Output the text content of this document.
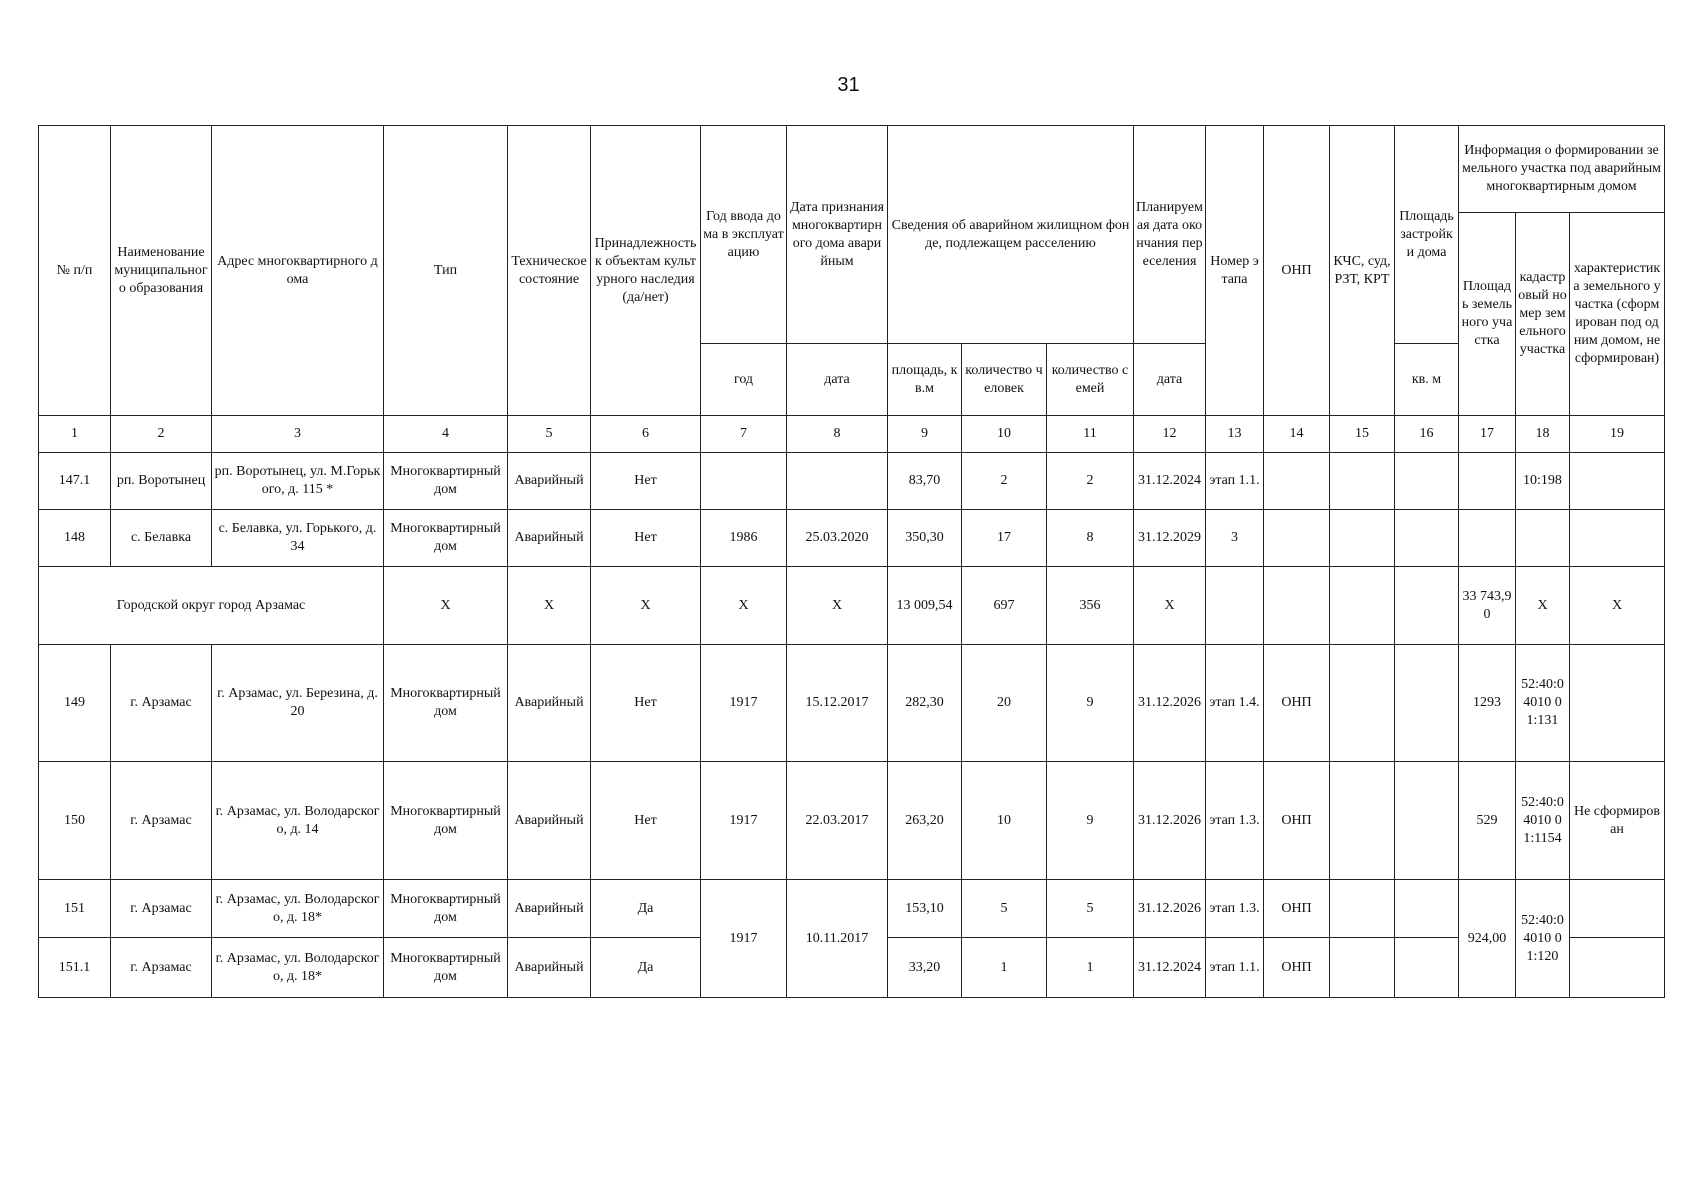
31
№ п/п	Наименование муниципального образования	Адрес многоквартирного дома	Тип	Техническое состояние	Принадлежность к объектам культурного наследия (да/нет)	Год ввода дома в эксплуатацию	Дата признания многоквартирного дома аварийным	Сведения об аварийном жилищном фонде, подлежащем расселению			Планируемая дата окончания переселения	Номер этапа	ОНП	КЧС, суд, РЗТ, КРТ	Площадь застройки дома	Информация о формировании земельного участка под аварийным многоквартирным домом		
																Площадь земельного участка	кадастровый номер земельного участка	характеристика земельного участка (сформирован под одним домом, не сформирован)
						год	дата	площадь, кв.м	количество человек	количество семей	дата				кв. м			
1	2	3	4	5	6	7	8	9	10	11	12	13	14	15	16	17	18	19
147.1	рп. Воротынец	рп. Воротынец, ул. М.Горького, д. 115 *	Многоквартирный дом	Аварийный	Нет			83,70	2	2	31.12.2024	этап 1.1.					10:198	
148	с. Белавка	с. Белавка, ул. Горького, д. 34	Многоквартирный дом	Аварийный	Нет	1986	25.03.2020	350,30	17	8	31.12.2029	3						
Городской округ город Арзамас			X	X	X	X	X	13 009,54	697	356	X					33 743,90	X	X
149	г. Арзамас	г. Арзамас, ул. Березина, д. 20	Многоквартирный дом	Аварийный	Нет	1917	15.12.2017	282,30	20	9	31.12.2026	этап 1.4.	ОНП			1293	52:40:04010 01:131	
150	г. Арзамас	г. Арзамас, ул. Володарского, д. 14	Многоквартирный дом	Аварийный	Нет	1917	22.03.2017	263,20	10	9	31.12.2026	этап 1.3.	ОНП			529	52:40:04010 01:1154	Не сформирован
151	г. Арзамас	г. Арзамас, ул. Володарского, д. 18*	Многоквартирный дом	Аварийный	Да	1917	10.11.2017	153,10	5	5	31.12.2026	этап 1.3.	ОНП			924,00	52:40:04010 01:120	
151.1	г. Арзамас	г. Арзамас, ул. Володарского, д. 18*	Многоквартирный дом	Аварийный	Да			33,20	1	1	31.12.2024	этап 1.1.	ОНП					
